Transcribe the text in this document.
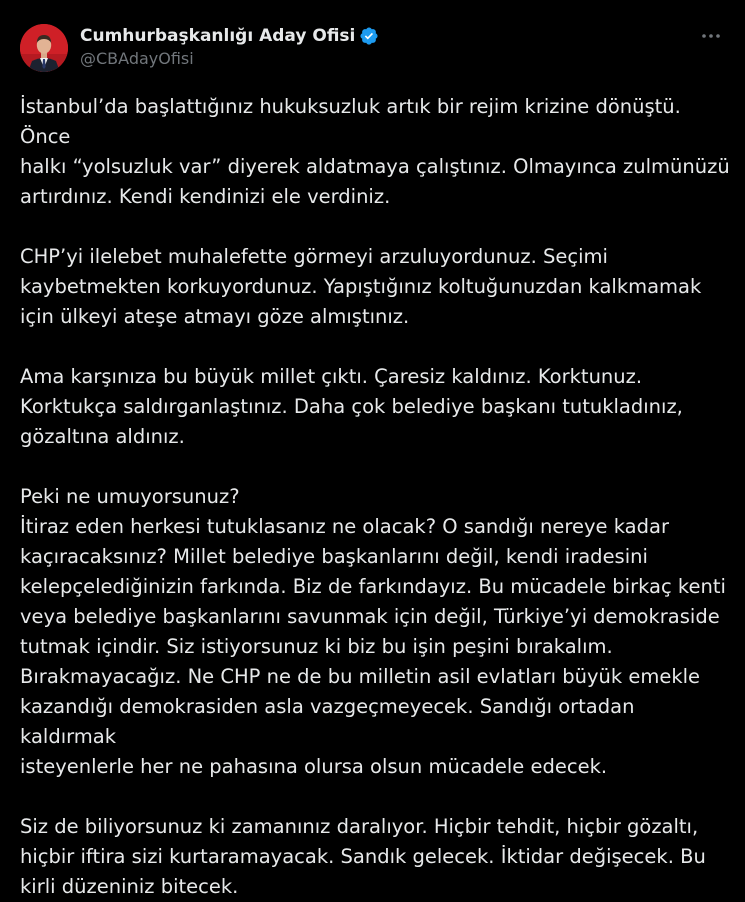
Cumhurbaşkanlığı Aday Ofisi
@CBAdayOfisi

İstanbul’da başlattığınız hukuksuzluk artık bir rejim krizine dönüştü. Önce
halkı “yolsuzluk var” diyerek aldatmaya çalıştınız. Olmayınca zulmünüzü
artırdınız. Kendi kendinizi ele verdiniz.

CHP’yi ilelebet muhalefette görmeyi arzuluyordunuz. Seçimi
kaybetmekten korkuyordunuz. Yapıştığınız koltuğunuzdan kalkmamak
için ülkeyi ateşe atmayı göze almıştınız.

Ama karşınıza bu büyük millet çıktı. Çaresiz kaldınız. Korktunuz.
Korktukça saldırganlaştınız. Daha çok belediye başkanı tutukladınız,
gözaltına aldınız.

Peki ne umuyorsunuz?
İtiraz eden herkesi tutuklasanız ne olacak? O sandığı nereye kadar
kaçıracaksınız? Millet belediye başkanlarını değil, kendi iradesini
kelepçelediğinizin farkında. Biz de farkındayız. Bu mücadele birkaç kenti
veya belediye başkanlarını savunmak için değil, Türkiye’yi demokraside
tutmak içindir. Siz istiyorsunuz ki biz bu işin peşini bırakalım.
Bırakmayacağız. Ne CHP ne de bu milletin asil evlatları büyük emekle
kazandığı demokrasiden asla vazgeçmeyecek. Sandığı ortadan kaldırmak
isteyenlerle her ne pahasına olursa olsun mücadele edecek.

Siz de biliyorsunuz ki zamanınız daralıyor. Hiçbir tehdit, hiçbir gözaltı,
hiçbir iftira sizi kurtaramayacak. Sandık gelecek. İktidar değişecek. Bu
kirli düzeniniz bitecek.
